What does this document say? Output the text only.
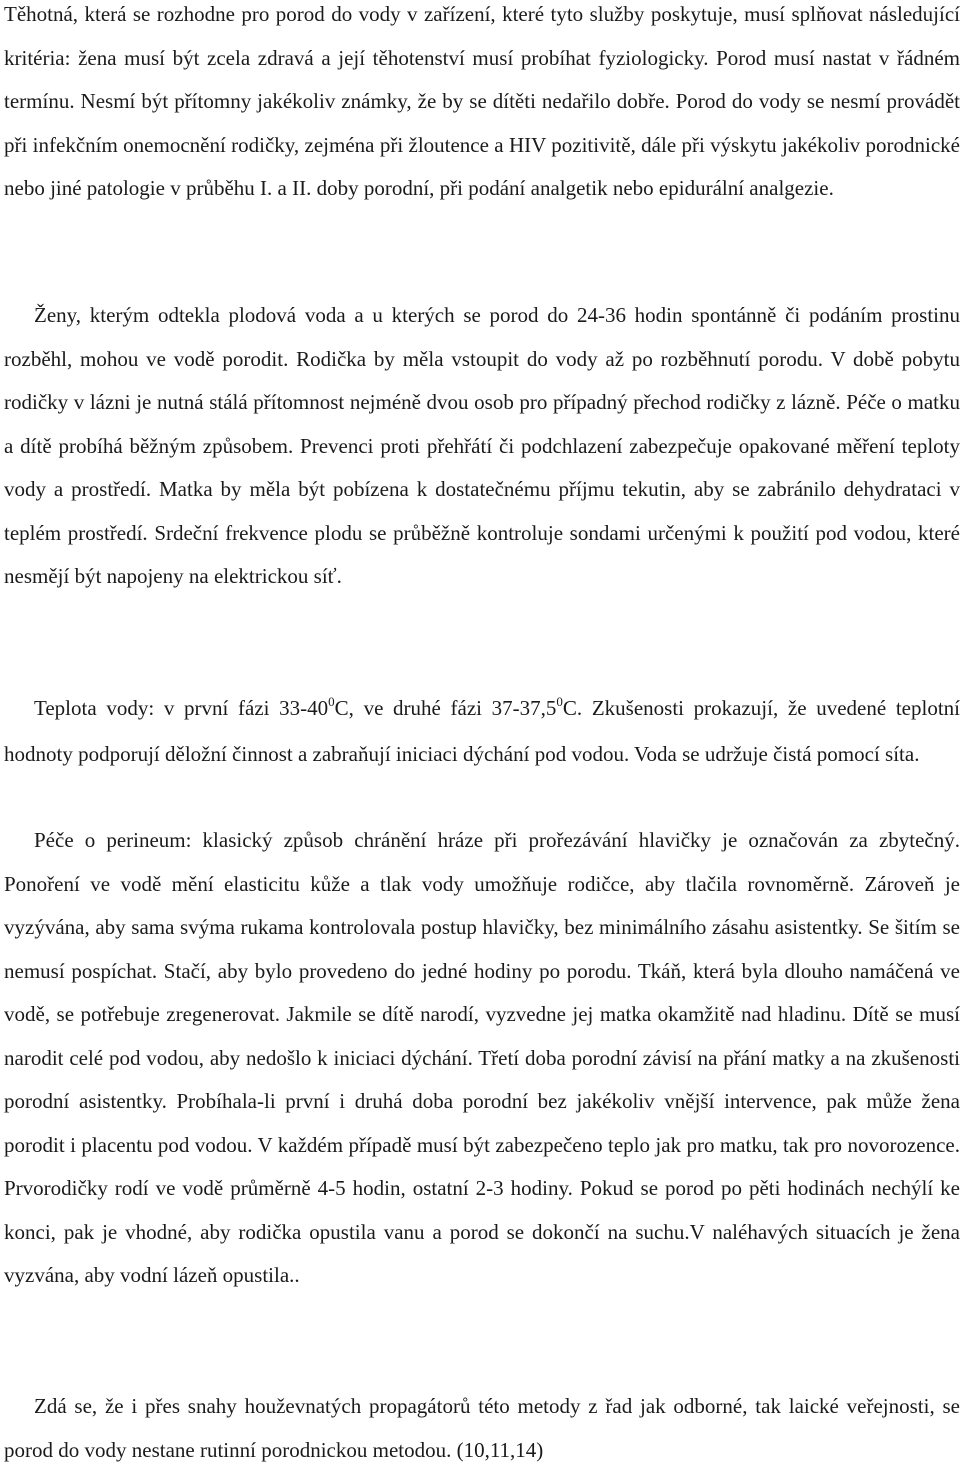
Těhotná, která se rozhodne pro porod do vody v zařízení, které tyto služby poskytuje, musí splňovat následující kritéria: žena musí být zcela zdravá a její těhotenství musí probíhat fyziologicky. Porod musí nastat v řádném termínu. Nesmí být přítomny jakékoliv známky, že by se dítěti nedařilo dobře. Porod do vody se nesmí provádět při infekčním onemocnění rodičky, zejména při žloutence a HIV pozitivitě, dále při výskytu jakékoliv porodnické nebo jiné patologie v průběhu I. a II. doby porodní, při podání analgetik nebo epidurální analgezie.

Ženy, kterým odtekla plodová voda a u kterých se porod do 24-36 hodin spontánně či podáním prostinu rozběhl, mohou ve vodě porodit. Rodička by měla vstoupit do vody až po rozběhnutí porodu. V době pobytu rodičky v lázni je nutná stálá přítomnost nejméně dvou osob pro případný přechod rodičky z lázně. Péče o matku a dítě probíhá běžným způsobem. Prevenci proti přehřátí či podchlazení zabezpečuje opakované měření teploty vody a prostředí. Matka by měla být pobízena k dostatečnému příjmu tekutin, aby se zabránilo dehydrataci v teplém prostředí. Srdeční frekvence plodu se průběžně kontroluje sondami určenými k použití pod vodou, které nesmějí být napojeny na elektrickou síť.

Teplota vody: v první fázi $33-40^0C$, ve druhé fázi 37-37,5$^0$C. Zkušenosti prokazují, že uvedené teplotní hodnoty podporují děložní činnost a zabraňují iniciaci dýchání pod vodou. Voda se udržuje čistá pomocí síta.

Péče o perineum: klasický způsob chránění hráze při prořezávání hlavičky je označován za zbytečný. Ponoření ve vodě mění elasticitu kůže a tlak vody umožňuje rodičce, aby tlačila rovnoměrně. Zároveň je vyzývána, aby sama svýma rukama kontrolovala postup hlavičky, bez minimálního zásahu asistentky. Se šitím se nemusí pospíchat. Stačí, aby bylo provedeno do jedné hodiny po porodu. Tkáň, která byla dlouho namáčená ve vodě, se potřebuje zregenerovat. Jakmile se dítě narodí, vyzvedne jej matka okamžitě nad hladinu. Dítě se musí narodit celé pod vodou, aby nedošlo k iniciaci dýchání. Třetí doba porodní závisí na přání matky a na zkušenosti porodní asistentky. Probíhala-li první i druhá doba porodní bez jakékoliv vnější intervence, pak může žena porodit i placentu pod vodou. V každém případě musí být zabezpečeno teplo jak pro matku, tak pro novorozence. Prvorodičky rodí ve vodě průměrně 4-5 hodin, ostatní 2-3 hodiny. Pokud se porod po pěti hodinách nechýlí ke konci, pak je vhodné, aby rodička opustila vanu a porod se dokončí na suchu.V naléhavých situacích je žena vyzvána, aby vodní lázeň opustila..

Zdá se, že i přes snahy houževnatých propagátorů této metody z řad jak odborné, tak laické veřejnosti, se porod do vody nestane rutinní porodnickou metodou. (10,11,14)
